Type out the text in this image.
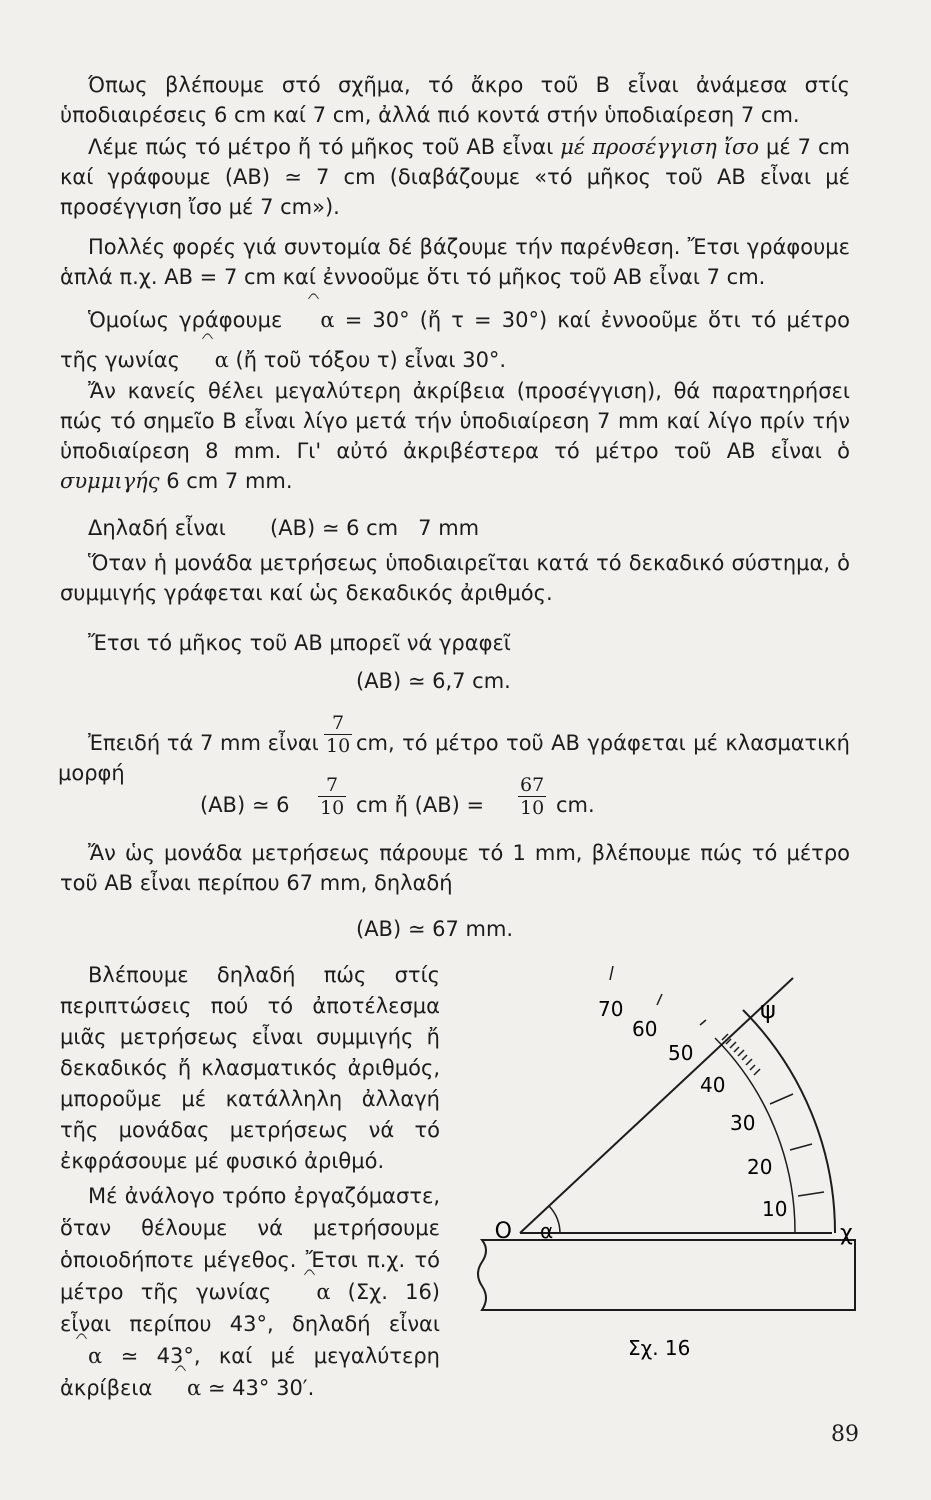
Όπως βλέπουμε στό σχῆμα, τό ἄκρο τοῦ B εἶναι ἀνάμεσα στίς ὑποδιαιρέσεις 6 cm καί 7 cm, ἀλλά πιό κοντά στήν ὑποδιαίρεση 7 cm.

Λέμε πώς τό μέτρο ἤ τό μῆκος τοῦ AB εἶναι μέ προσέγγιση ἴσο μέ 7 cm καί γράφουμε (AB) ≃ 7 cm (διαβάζουμε «τό μῆκος τοῦ AB εἶναι μέ προσέγγιση ἴσο μέ 7 cm»).

Πολλές φορές γιά συντομία δέ βάζουμε τήν παρένθεση. Ἔτσι γράφουμε ἁπλά π.χ. AB = 7 cm καί ἐννοοῦμε ὅτι τό μῆκος τοῦ AB εἶναι 7 cm.

Ὁμοίως γράφουμε α = 30° (ἤ τ = 30°) καί ἐννοοῦμε ὅτι τό μέτρο τῆς γωνίας α (ἤ τοῦ τόξου τ) εἶναι 30°.

Ἄν κανείς θέλει μεγαλύτερη ἀκρίβεια (προσέγγιση), θά παρατηρήσει πώς τό σημεῖο B εἶναι λίγο μετά τήν ὑποδιαίρεση 7 mm καί λίγο πρίν τήν ὑποδιαίρεση 8 mm. Γι' αὐτό ἀκριβέστερα τό μέτρο τοῦ AB εἶναι ὁ συμμιγής 6 cm 7 mm.

Δηλαδή εἶναι (AB) ≃ 6 cm   7 mm

Ὅταν ἡ μονάδα μετρήσεως ὑποδιαιρεῖται κατά τό δεκαδικό σύστημα, ὁ συμμιγής γράφεται καί ὡς δεκαδικός ἀριθμός.

Ἔτσι τό μῆκος τοῦ AB μπορεῖ νά γραφεῖ

(AB) ≃ 6,7 cm.
Ἐπειδή τά 7 mm εἶναι $\frac{7}{10}$ cm, τό μέτρο τοῦ AB γράφεται μέ κλασματική μορφή

(AB) ≃ $6 \frac{7}{10}$ cm ἤ $(AB) = \frac{67}{10}$ cm.

Ἄν ὡς μονάδα μετρήσεως πάρουμε τό 1 mm, βλέπουμε πώς τό μέτρο τοῦ AB εἶναι περίπου 67 mm, δηλαδή

(AB) ≃ 67 mm.

Βλέπουμε δηλαδή πώς στίς περιπτώσεις πού τό ἀποτέλεσμα μιᾶς μετρήσεως εἶναι συμμιγής ἤ δεκαδικός ἤ κλασματικός ἀριθμός, μπορoῦμε μέ κατάλληλη ἀλλαγή τῆς μονάδας μετρήσεως νά τό ἐκφράσουμε μέ φυσικό ἀριθμό.

Μέ ἀνάλογο τρόπο ἐργαζόμαστε, ὅταν θέλουμε νά μετρήσουμε ὁποιοδήποτε μέγεθος. Ἔτσι π.χ. τό μέτρο τῆς γωνίας α (Σχ. 16) εἶναι περίπου 43°, δηλαδή εἶναι α ≃ 43°, καί μέ μεγαλύτερη ἀκρίβεια α ≃ 43° 30′.

O α	χ
ψ
10
20
30
40
50
60
70
Σχ. 16
89
